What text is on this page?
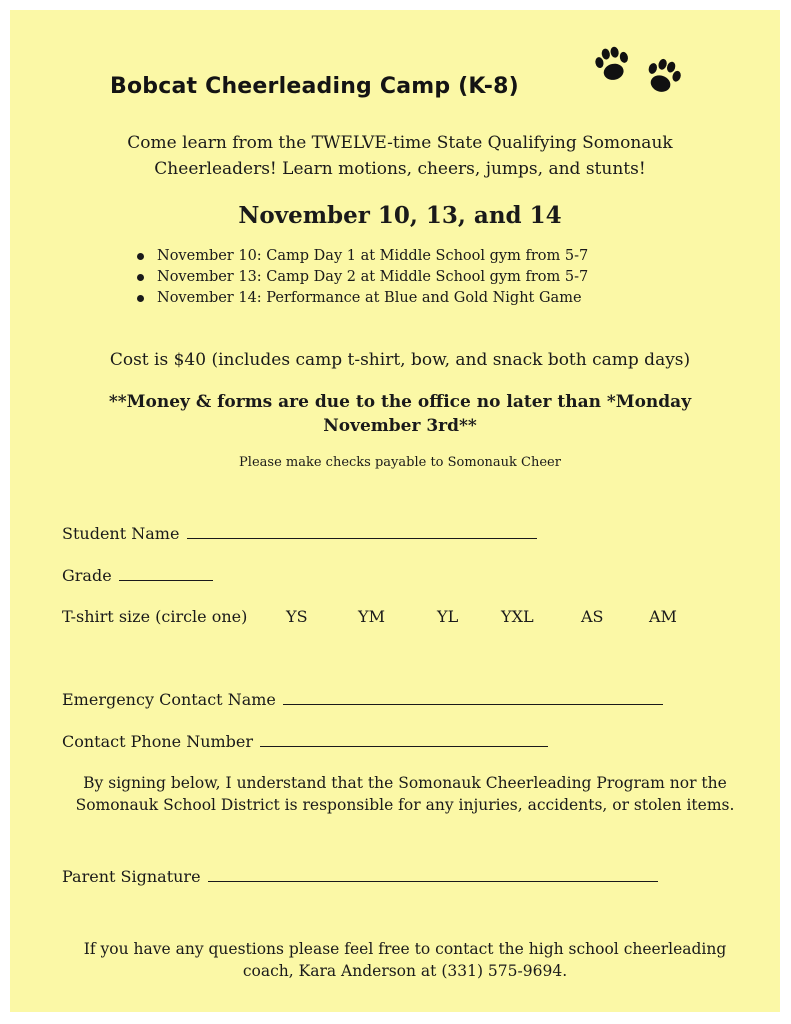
Bobcat Cheerleading Camp (K-8)
Come learn from the TWELVE-time State Qualifying Somonauk
Cheerleaders! Learn motions, cheers, jumps, and stunts!
November 10, 13, and 14
November 10: Camp Day 1 at Middle School gym from 5-7
November 13: Camp Day 2 at Middle School gym from 5-7
November 14: Performance at Blue and Gold Night Game
Cost is $40 (includes camp t-shirt, bow, and snack both camp days)
**Money & forms are due to the office no later than *Monday
November 3rd**
Please make checks payable to Somonauk Cheer
Student Name
Grade
T-shirt size (circle one) YS	YM	YL	YXL	AS	AM
Emergency Contact Name
Contact Phone Number
By signing below, I understand that the Somonauk Cheerleading Program nor the
Somonauk School District is responsible for any injuries, accidents, or stolen items.
Parent Signature
If you have any questions please feel free to contact the high school cheerleading
coach, Kara Anderson at (331) 575-9694.
